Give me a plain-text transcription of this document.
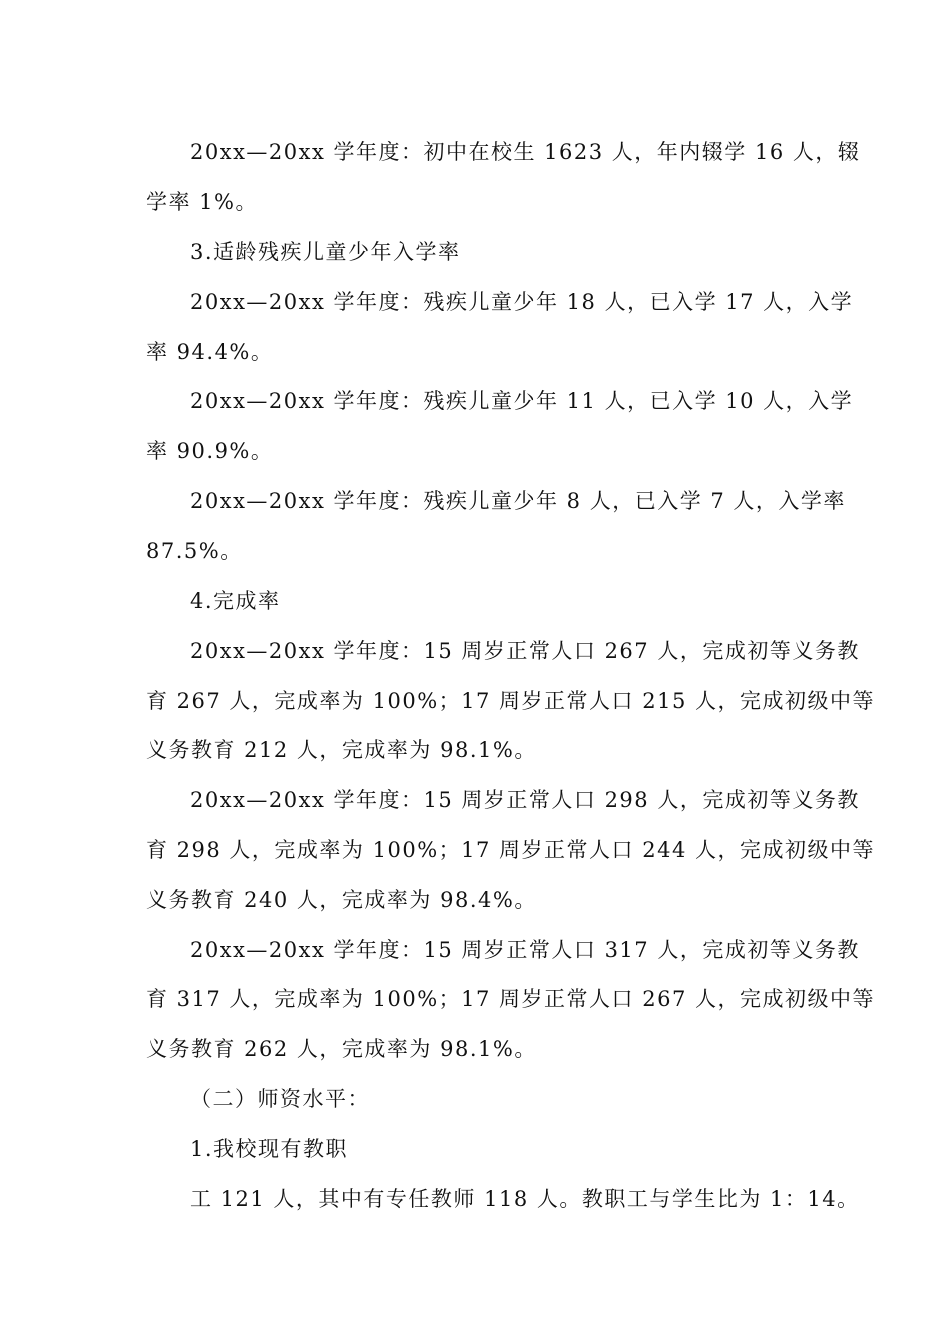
20xx—20xx 学年度：初中在校生 1623 人，年内辍学 16 人，辍
学率 1%。
3.适龄残疾儿童少年入学率
20xx—20xx 学年度：残疾儿童少年 18 人，已入学 17 人，入学
率 94.4%。
20xx—20xx 学年度：残疾儿童少年 11 人，已入学 10 人，入学
率 90.9%。
20xx—20xx 学年度：残疾儿童少年 8 人，已入学 7 人，入学率
87.5%。
4.完成率
20xx—20xx 学年度：15 周岁正常人口 267 人，完成初等义务教
育 267 人，完成率为 100%；17 周岁正常人口 215 人，完成初级中等
义务教育 212 人，完成率为 98.1%。
20xx—20xx 学年度：15 周岁正常人口 298 人，完成初等义务教
育 298 人，完成率为 100%；17 周岁正常人口 244 人，完成初级中等
义务教育 240 人，完成率为 98.4%。
20xx—20xx 学年度：15 周岁正常人口 317 人，完成初等义务教
育 317 人，完成率为 100%；17 周岁正常人口 267 人，完成初级中等
义务教育 262 人，完成率为 98.1%。
（二）师资水平：
1.我校现有教职
工 121 人，其中有专任教师 118 人。教职工与学生比为 1：14。
